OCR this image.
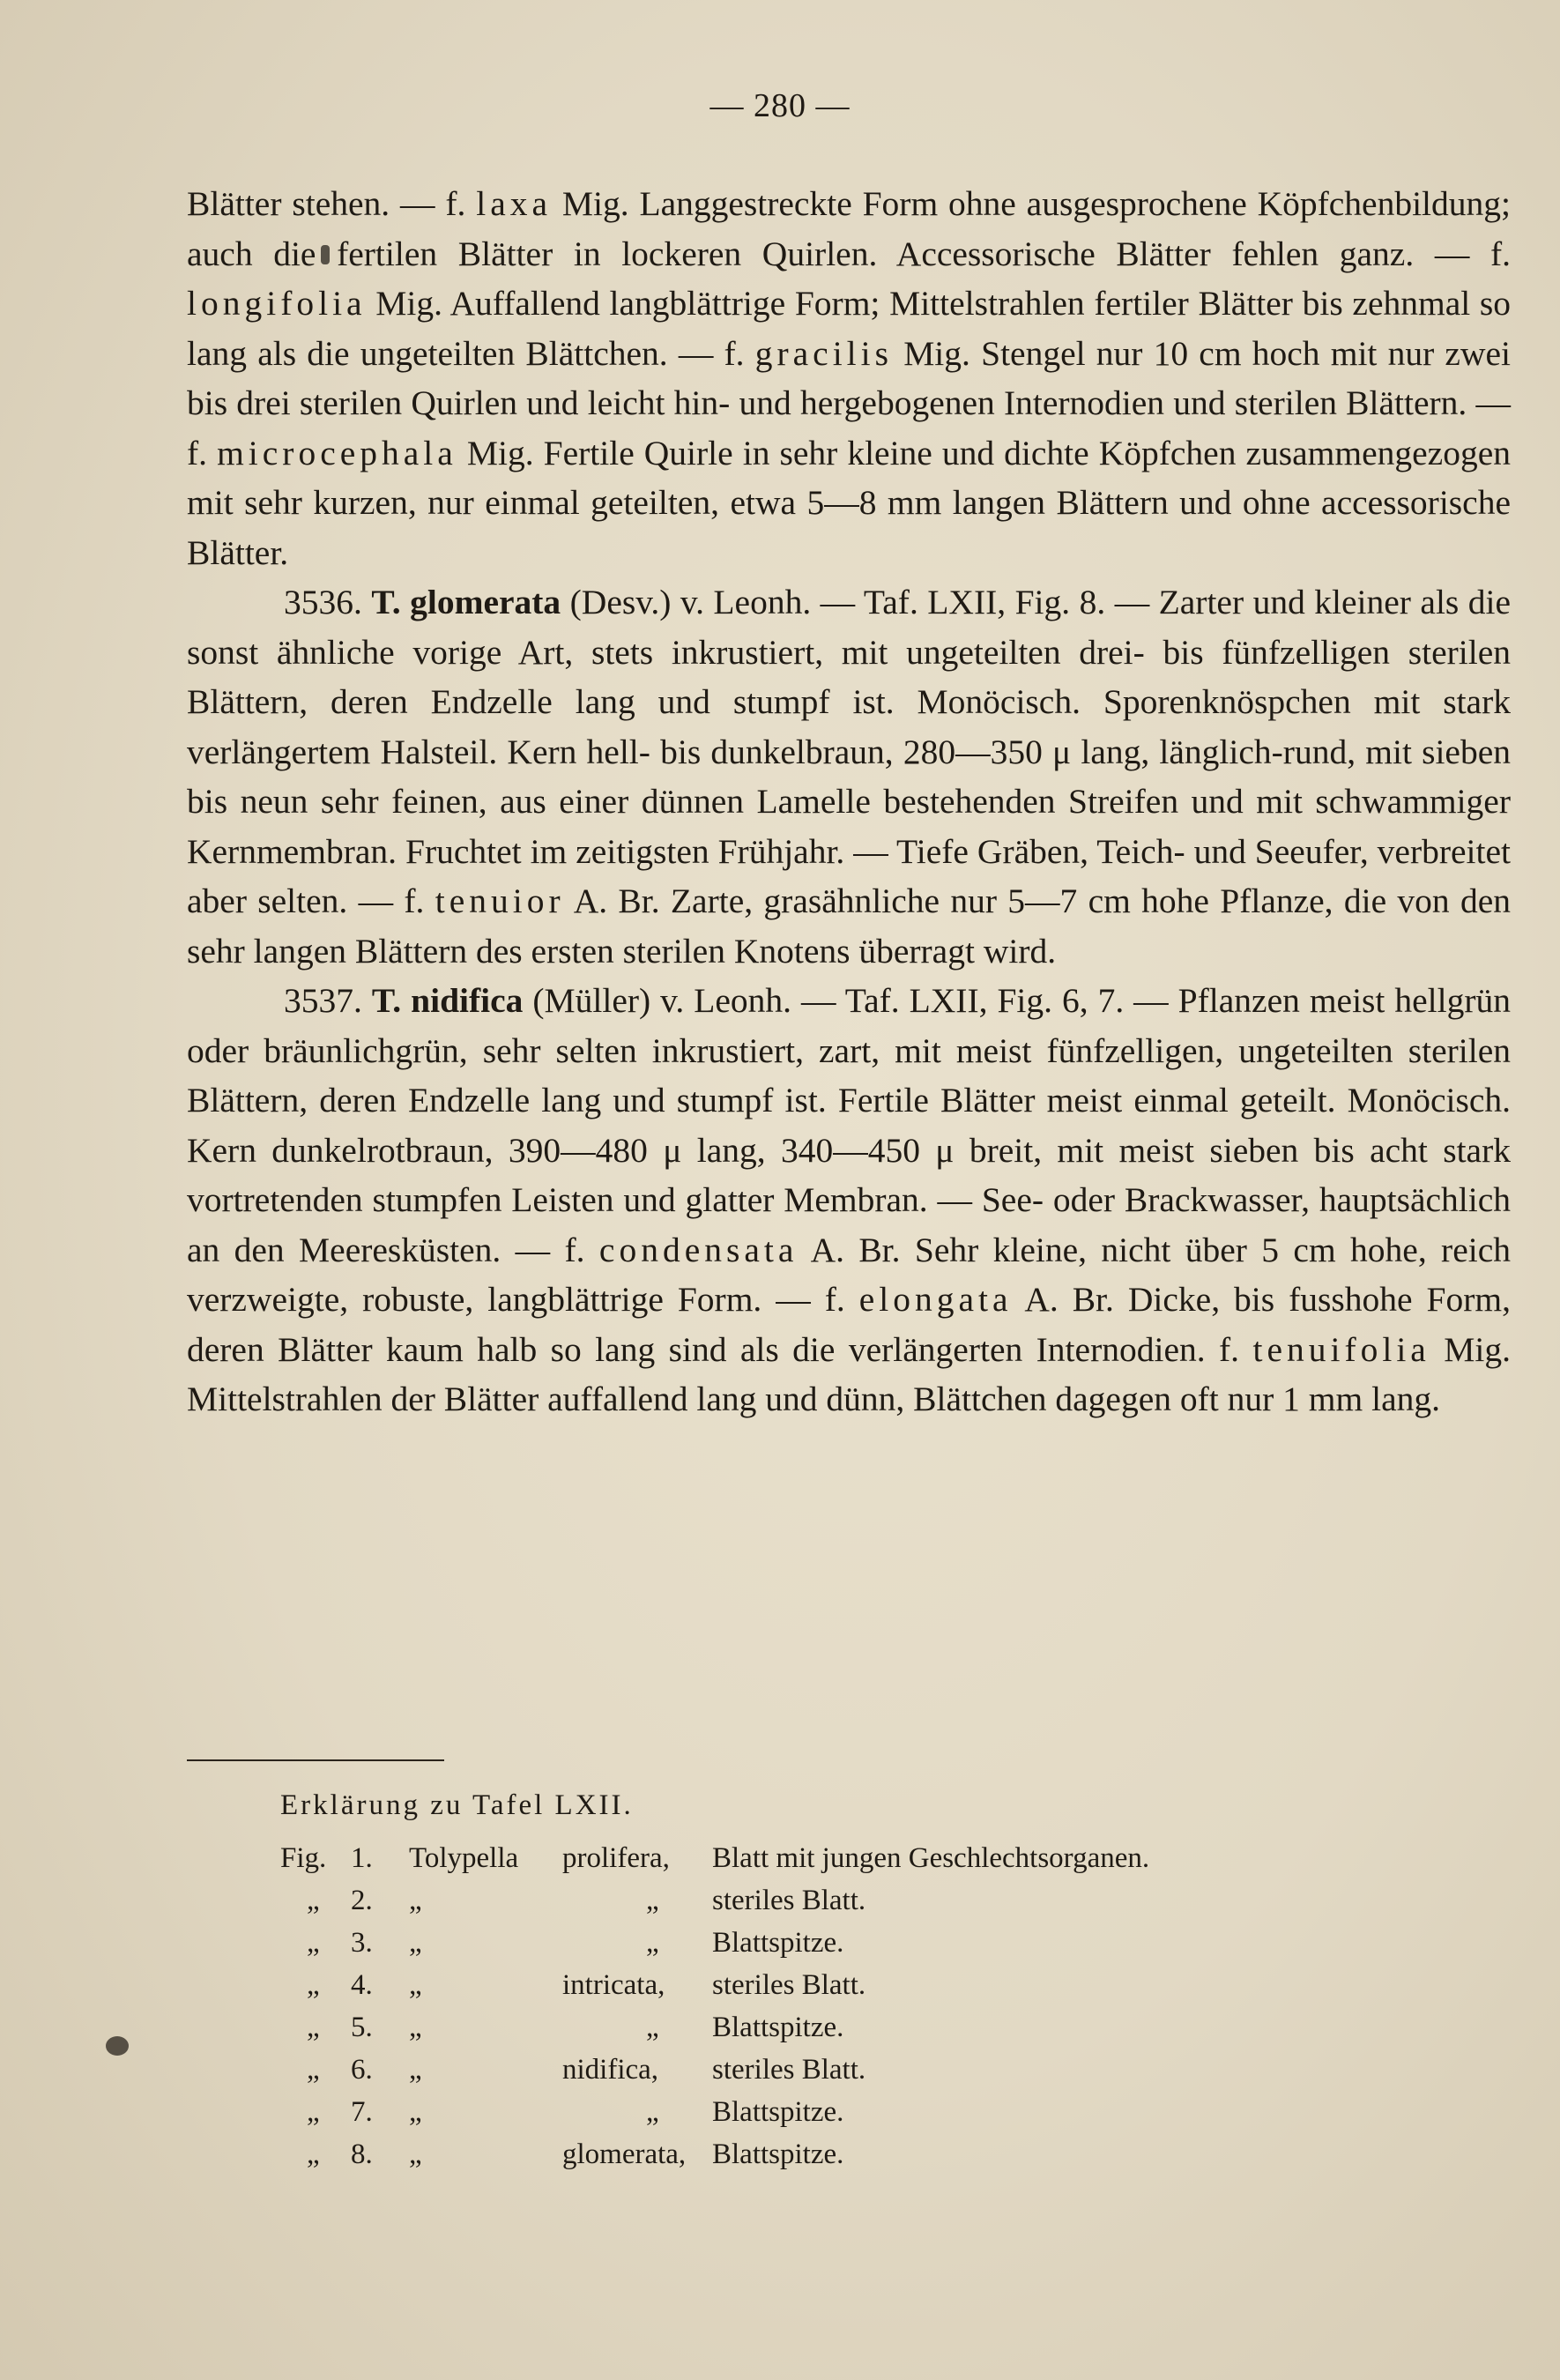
— 280 —

Blätter stehen. — f. laxa Mig. Langgestreckte Form ohne ausgesprochene Köpfchenbildung; auch die fertilen Blätter in lockeren Quirlen. Accessorische Blätter fehlen ganz. — f. longifolia Mig. Auffallend langblättrige Form; Mittelstrahlen fertiler Blätter bis zehnmal so lang als die ungeteilten Blättchen. — f. gracilis Mig. Stengel nur 10 cm hoch mit nur zwei bis drei sterilen Quirlen und leicht hin- und hergebogenen Internodien und sterilen Blättern. — f. microcephala Mig. Fertile Quirle in sehr kleine und dichte Köpfchen zusammengezogen mit sehr kurzen, nur einmal geteilten, etwa 5—8 mm langen Blättern und ohne accessorische Blätter.

3536. T. glomerata (Desv.) v. Leonh. — Taf. LXII, Fig. 8. — Zarter und kleiner als die sonst ähnliche vorige Art, stets inkrustiert, mit ungeteilten drei- bis fünfzelligen sterilen Blättern, deren Endzelle lang und stumpf ist. Monöcisch. Sporenknöspchen mit stark verlängertem Halsteil. Kern hell- bis dunkelbraun, 280—350 μ lang, länglich-rund, mit sieben bis neun sehr feinen, aus einer dünnen Lamelle bestehenden Streifen und mit schwammiger Kernmembran. Fruchtet im zeitigsten Frühjahr. — Tiefe Gräben, Teich- und Seeufer, verbreitet aber selten. — f. tenuior A. Br. Zarte, grasähnliche nur 5—7 cm hohe Pflanze, die von den sehr langen Blättern des ersten sterilen Knotens überragt wird.

3537. T. nidifica (Müller) v. Leonh. — Taf. LXII, Fig. 6, 7. — Pflanzen meist hellgrün oder bräunlichgrün, sehr selten inkrustiert, zart, mit meist fünfzelligen, ungeteilten sterilen Blättern, deren Endzelle lang und stumpf ist. Fertile Blätter meist einmal geteilt. Monöcisch. Kern dunkelrotbraun, 390—480 μ lang, 340—450 μ breit, mit meist sieben bis acht stark vortretenden stumpfen Leisten und glatter Membran. — See- oder Brackwasser, hauptsächlich an den Meeresküsten. — f. condensata A. Br. Sehr kleine, nicht über 5 cm hohe, reich verzweigte, robuste, langblättrige Form. — f. elongata A. Br. Dicke, bis fusshohe Form, deren Blätter kaum halb so lang sind als die verlängerten Internodien. f. tenuifolia Mig. Mittelstrahlen der Blätter auffallend lang und dünn, Blättchen dagegen oft nur 1 mm lang.

Erklärung zu Tafel LXII.
Fig. 1. Tolypella prolifera, Blatt mit jungen Geschlechtsorganen.
„ 2. „	„ steriles Blatt.
„ 3. „	„ Blattspitze.
„ 4. „	intricata, steriles Blatt.
„ 5. „	„ Blattspitze.
„ 6. „	nidifica, steriles Blatt.
„ 7. „	„ Blattspitze.
„ 8. „	glomerata, Blattspitze.
